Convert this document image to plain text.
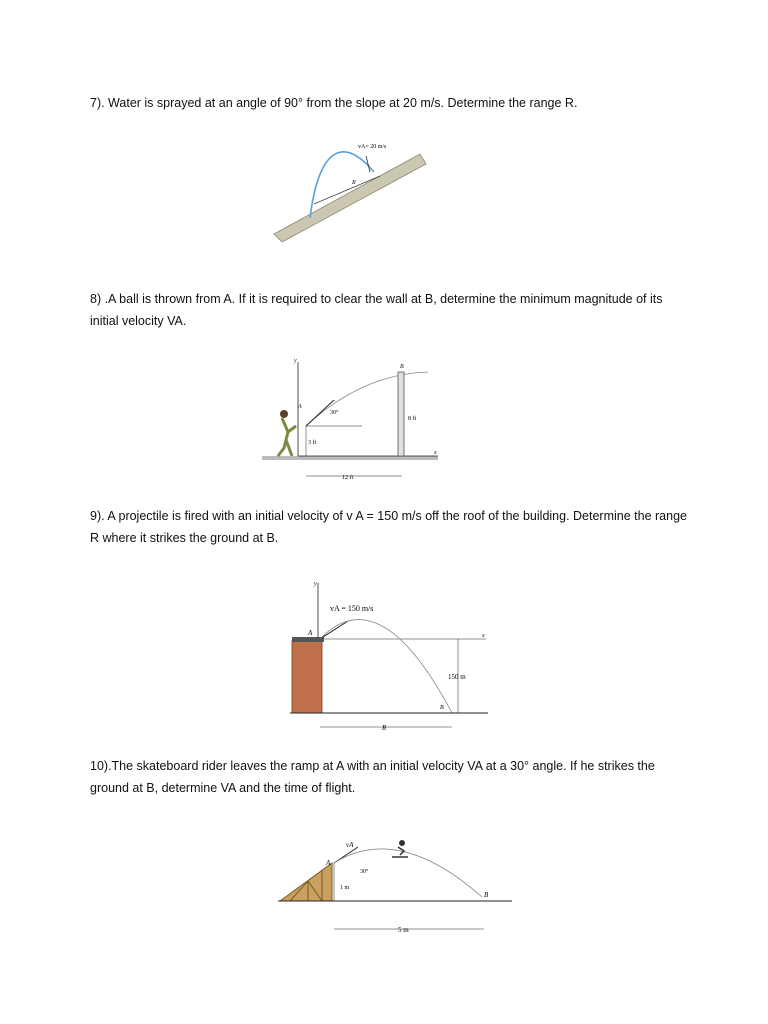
7). Water is sprayed at an angle of 90° from the slope at 20 m/s. Determine the range R.
R
vA= 20 m/s
8) .A ball is thrown from A. If it is required to clear the wall at B, determine the minimum magnitude of its initial velocity VA.
y
x
30°
A
3 ft
B
8 ft
12 ft
9). A projectile is fired with an initial velocity of v A = 150 m/s off the roof of the building. Determine the range R where it strikes the ground at B.
y
x
A
vA = 150 m/s
150 m
B
R
10).The skateboard rider leaves the ramp at A with an initial velocity VA at a 30° angle. If he strikes the ground at B, determine VA and the time of flight.
A
vA
30°
1 m
B
5 m
